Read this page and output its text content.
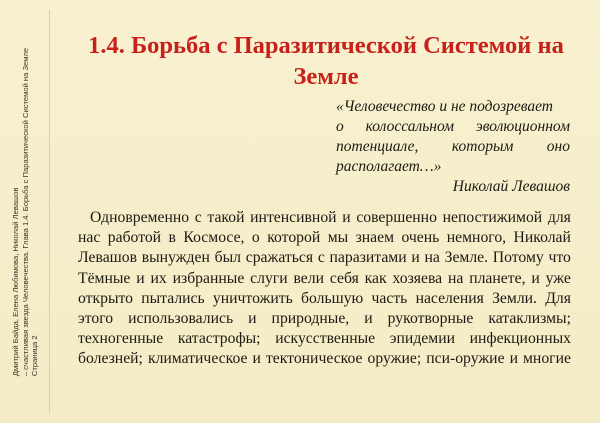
Дмитрий Байда, Елена Любимова, Николай Левашов – счастливая звезда Человечества. Глава 1.4. Борьба с Паразитической Системой на Земле Страница 2
1.4. Борьба с Паразитической Системой на
Земле
«Человечество и не подозревает
о колоссальном эволюционном
потенциале, которым оно
располагает…»
Николай Левашов
Одновременно с такой интенсивной и совершенно непостижимой для
нас работой в Космосе, о которой мы знаем очень немного, Николай
Левашов вынужден был сражаться с паразитами и на Земле. Потому что
Тёмные и их избранные слуги вели себя как хозяева на планете, и уже
открыто пытались уничтожить большую часть населения Земли. Для
этого использовались и природные, и рукотворные катаклизмы;
техногенные катастрофы; искусственные эпидемии инфекционных
болезней; климатическое и тектоническое оружие; пси-оружие и многие
